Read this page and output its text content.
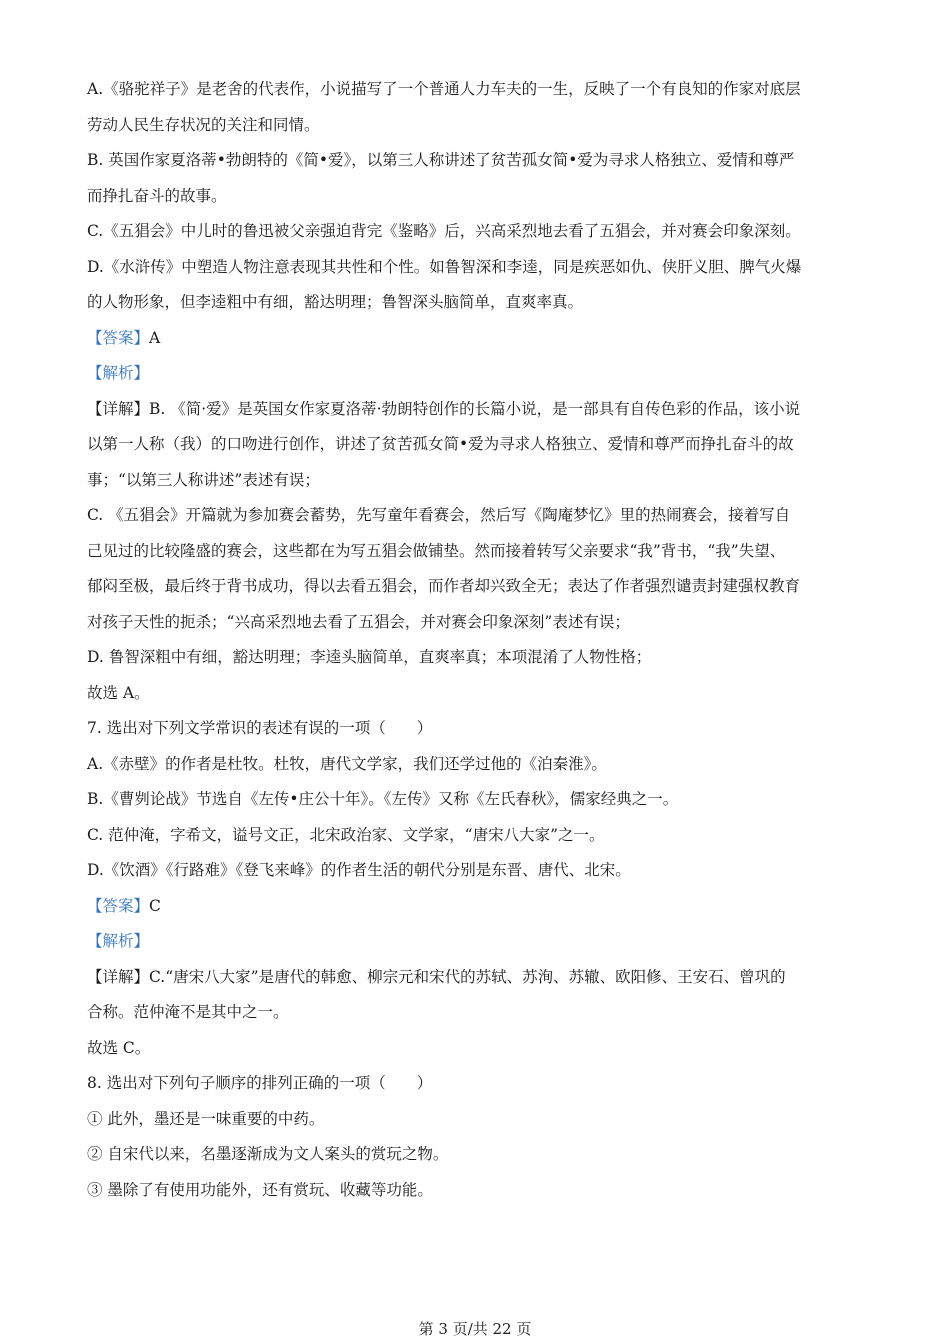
A.《骆驼祥子》是老舍的代表作，小说描写了一个普通人力车夫的一生，反映了一个有良知的作家对底层
劳动人民生存状况的关注和同情。
B. 英国作家夏洛蒂•勃朗特的《简•爱》，以第三人称讲述了贫苦孤女简•爱为寻求人格独立、爱情和尊严
而挣扎奋斗的故事。
C.《五猖会》中儿时的鲁迅被父亲强迫背完《鉴略》后，兴高采烈地去看了五猖会，并对赛会印象深刻。
D.《水浒传》中塑造人物注意表现其共性和个性。如鲁智深和李逵，同是疾恶如仇、侠肝义胆、脾气火爆
的人物形象，但李逵粗中有细，豁达明理；鲁智深头脑简单，直爽率真。
【答案】A
【解析】
【详解】B. 《简·爱》是英国女作家夏洛蒂·勃朗特创作的长篇小说，是一部具有自传色彩的作品，该小说
以第一人称（我）的口吻进行创作，讲述了贫苦孤女简•爱为寻求人格独立、爱情和尊严而挣扎奋斗的故
事；“以第三人称讲述”表述有误；
C. 《五猖会》开篇就为参加赛会蓄势，先写童年看赛会，然后写《陶庵梦忆》里的热闹赛会，接着写自
己见过的比较隆盛的赛会，这些都在为写五猖会做铺垫。然而接着转写父亲要求“我”背书，“我”失望、
郁闷至极，最后终于背书成功，得以去看五猖会，而作者却兴致全无；表达了作者强烈谴责封建强权教育
对孩子天性的扼杀；“兴高采烈地去看了五猖会，并对赛会印象深刻”表述有误；
D. 鲁智深粗中有细，豁达明理；李逵头脑简单，直爽率真；本项混淆了人物性格；
故选 A。
7. 选出对下列文学常识的表述有误的一项（　　）
A.《赤壁》的作者是杜牧。杜牧，唐代文学家，我们还学过他的《泊秦淮》。
B.《曹刿论战》节选自《左传•庄公十年》。《左传》又称《左氏春秋》，儒家经典之一。
C. 范仲淹，字希文，谥号文正，北宋政治家、文学家，“唐宋八大家”之一。
D.《饮酒》《行路难》《登飞来峰》的作者生活的朝代分别是东晋、唐代、北宋。
【答案】C
【解析】
【详解】C.“唐宋八大家”是唐代的韩愈、柳宗元和宋代的苏轼、苏洵、苏辙、欧阳修、王安石、曾巩的
合称。范仲淹不是其中之一。
故选 C。
8. 选出对下列句子顺序的排列正确的一项（　　）
① 此外，墨还是一味重要的中药。
② 自宋代以来，名墨逐渐成为文人案头的赏玩之物。
③ 墨除了有使用功能外，还有赏玩、收藏等功能。
第 3 页/共 22 页
